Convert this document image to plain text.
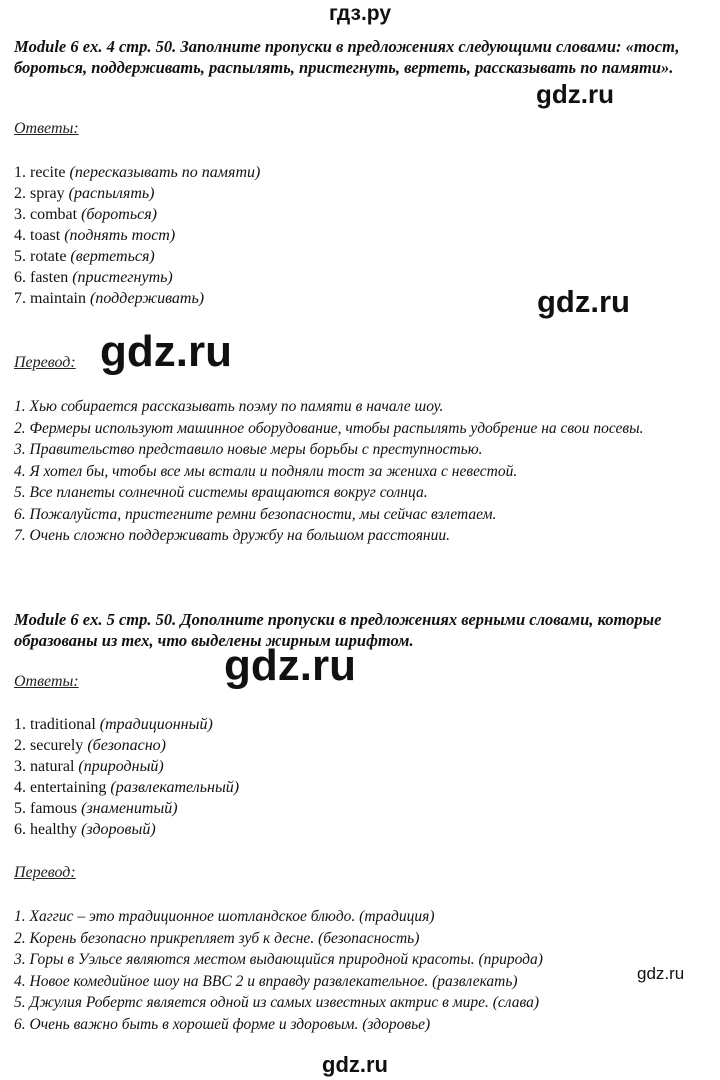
гдз.ру
Module 6 ex. 4 стр. 50. Заполните пропуски в предложениях следующими словами: «тост, бороться, поддерживать, распылять, пристегнуть, вертеть, рассказывать по памяти».
gdz.ru
Ответы:
1. recite (пересказывать по памяти)
2. spray (распылять)
3. combat (бороться)
4. toast (поднять тост)
5. rotate (вертеться)
6. fasten (пристегнуть)
7. maintain (поддерживать)	gdz.ru
Перевод: gdz.ru
1. Хью собирается рассказывать поэму по памяти в начале шоу.
2. Фермеры используют машинное оборудование, чтобы распылять удобрение на свои посевы.
3. Правительство представило новые меры борьбы с преступностью.
4. Я хотел бы, чтобы все мы встали и подняли тост за жениха с невестой.
5. Все планеты солнечной системы вращаются вокруг солнца.
6. Пожалуйста, пристегните ремни безопасности, мы сейчас взлетаем.
7. Очень сложно поддерживать дружбу на большом расстоянии.
Module 6 ex. 5 стр. 50. Дополните пропуски в предложениях верными словами, которые образованы из тех, что выделены жирным шрифтом.
gdz.ru
Ответы:
1. traditional (традиционный)
2. securely (безопасно)
3. natural (природный)
4. entertaining (развлекательный)
5. famous (знаменитый)
6. healthy (здоровый)
Перевод:
1. Хаггис – это традиционное шотландское блюдо. (традиция)
2. Корень безопасно прикрепляет зуб к десне. (безопасность)
3. Горы в Уэльсе являются местом выдающийся природной красоты. (природа)
4. Новое комедийное шоу на BBC 2 и вправду развлекательное. (развлекать)
5. Джулия Робертс является одной из самых известных актрис в мире. (слава)
6. Очень важно быть в хорошей форме и здоровым. (здоровье)
gdz.ru
gdz.ru
